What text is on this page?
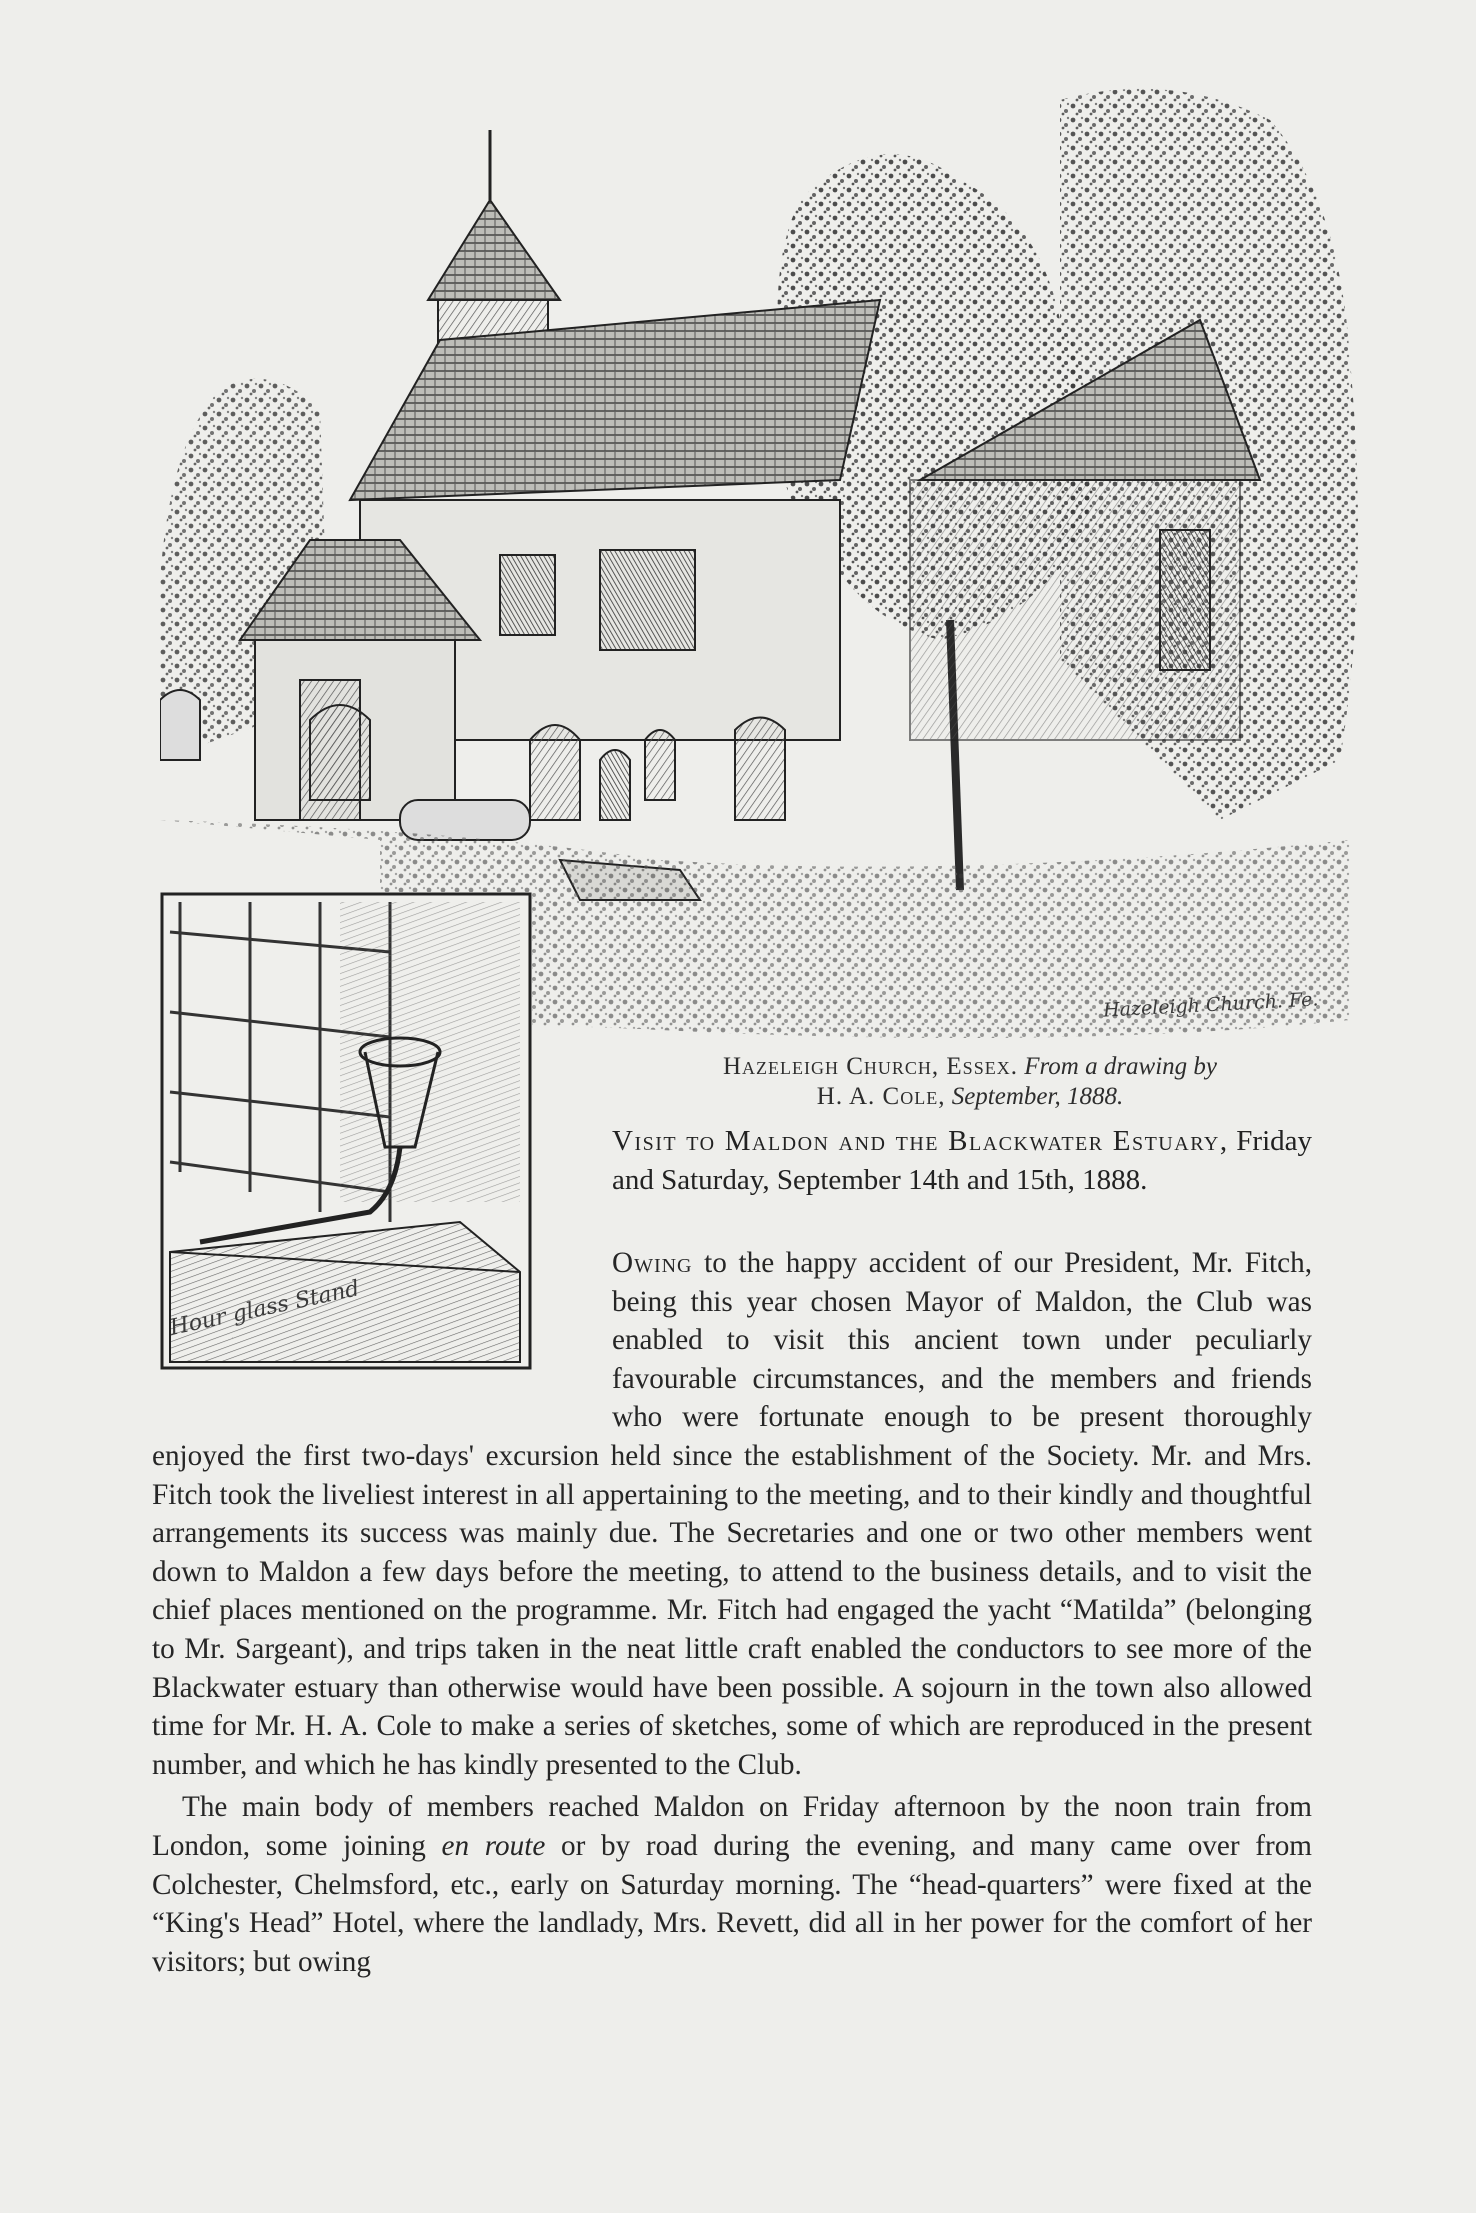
Hazeleigh Church. Fe.
Hour glass Stand
Hazeleigh Church, Essex. From a drawing by
H. A. Cole, September, 1888.
Visit to Maldon and the Blackwater Estuary, Friday and Saturday, September 14th and 15th, 1888.

Owing to the happy accident of our President, Mr. Fitch, being this year chosen Mayor of Maldon, the Club was enabled to visit this ancient town under peculiarly favourable circumstances, and the members and friends who were fortunate enough to be present thoroughly enjoyed the first two-days' excursion held since the establishment of the Society. Mr. and Mrs. Fitch took the liveliest interest in all appertaining to the meeting, and to their kindly and thoughtful arrangements its success was mainly due. The Secretaries and one or two other members went down to Maldon a few days before the meeting, to attend to the business details, and to visit the chief places mentioned on the programme. Mr. Fitch had engaged the yacht “Matilda” (belonging to Mr. Sargeant), and trips taken in the neat little craft enabled the conductors to see more of the Blackwater estuary than otherwise would have been possible. A sojourn in the town also allowed time for Mr. H. A. Cole to make a series of sketches, some of which are reproduced in the present number, and which he has kindly presented to the Club.

The main body of members reached Maldon on Friday afternoon by the noon train from London, some joining en route or by road during the evening, and many came over from Colchester, Chelmsford, etc., early on Saturday morning. The “head-quarters” were fixed at the “King's Head” Hotel, where the landlady, Mrs. Revett, did all in her power for the comfort of her visitors; but owing
